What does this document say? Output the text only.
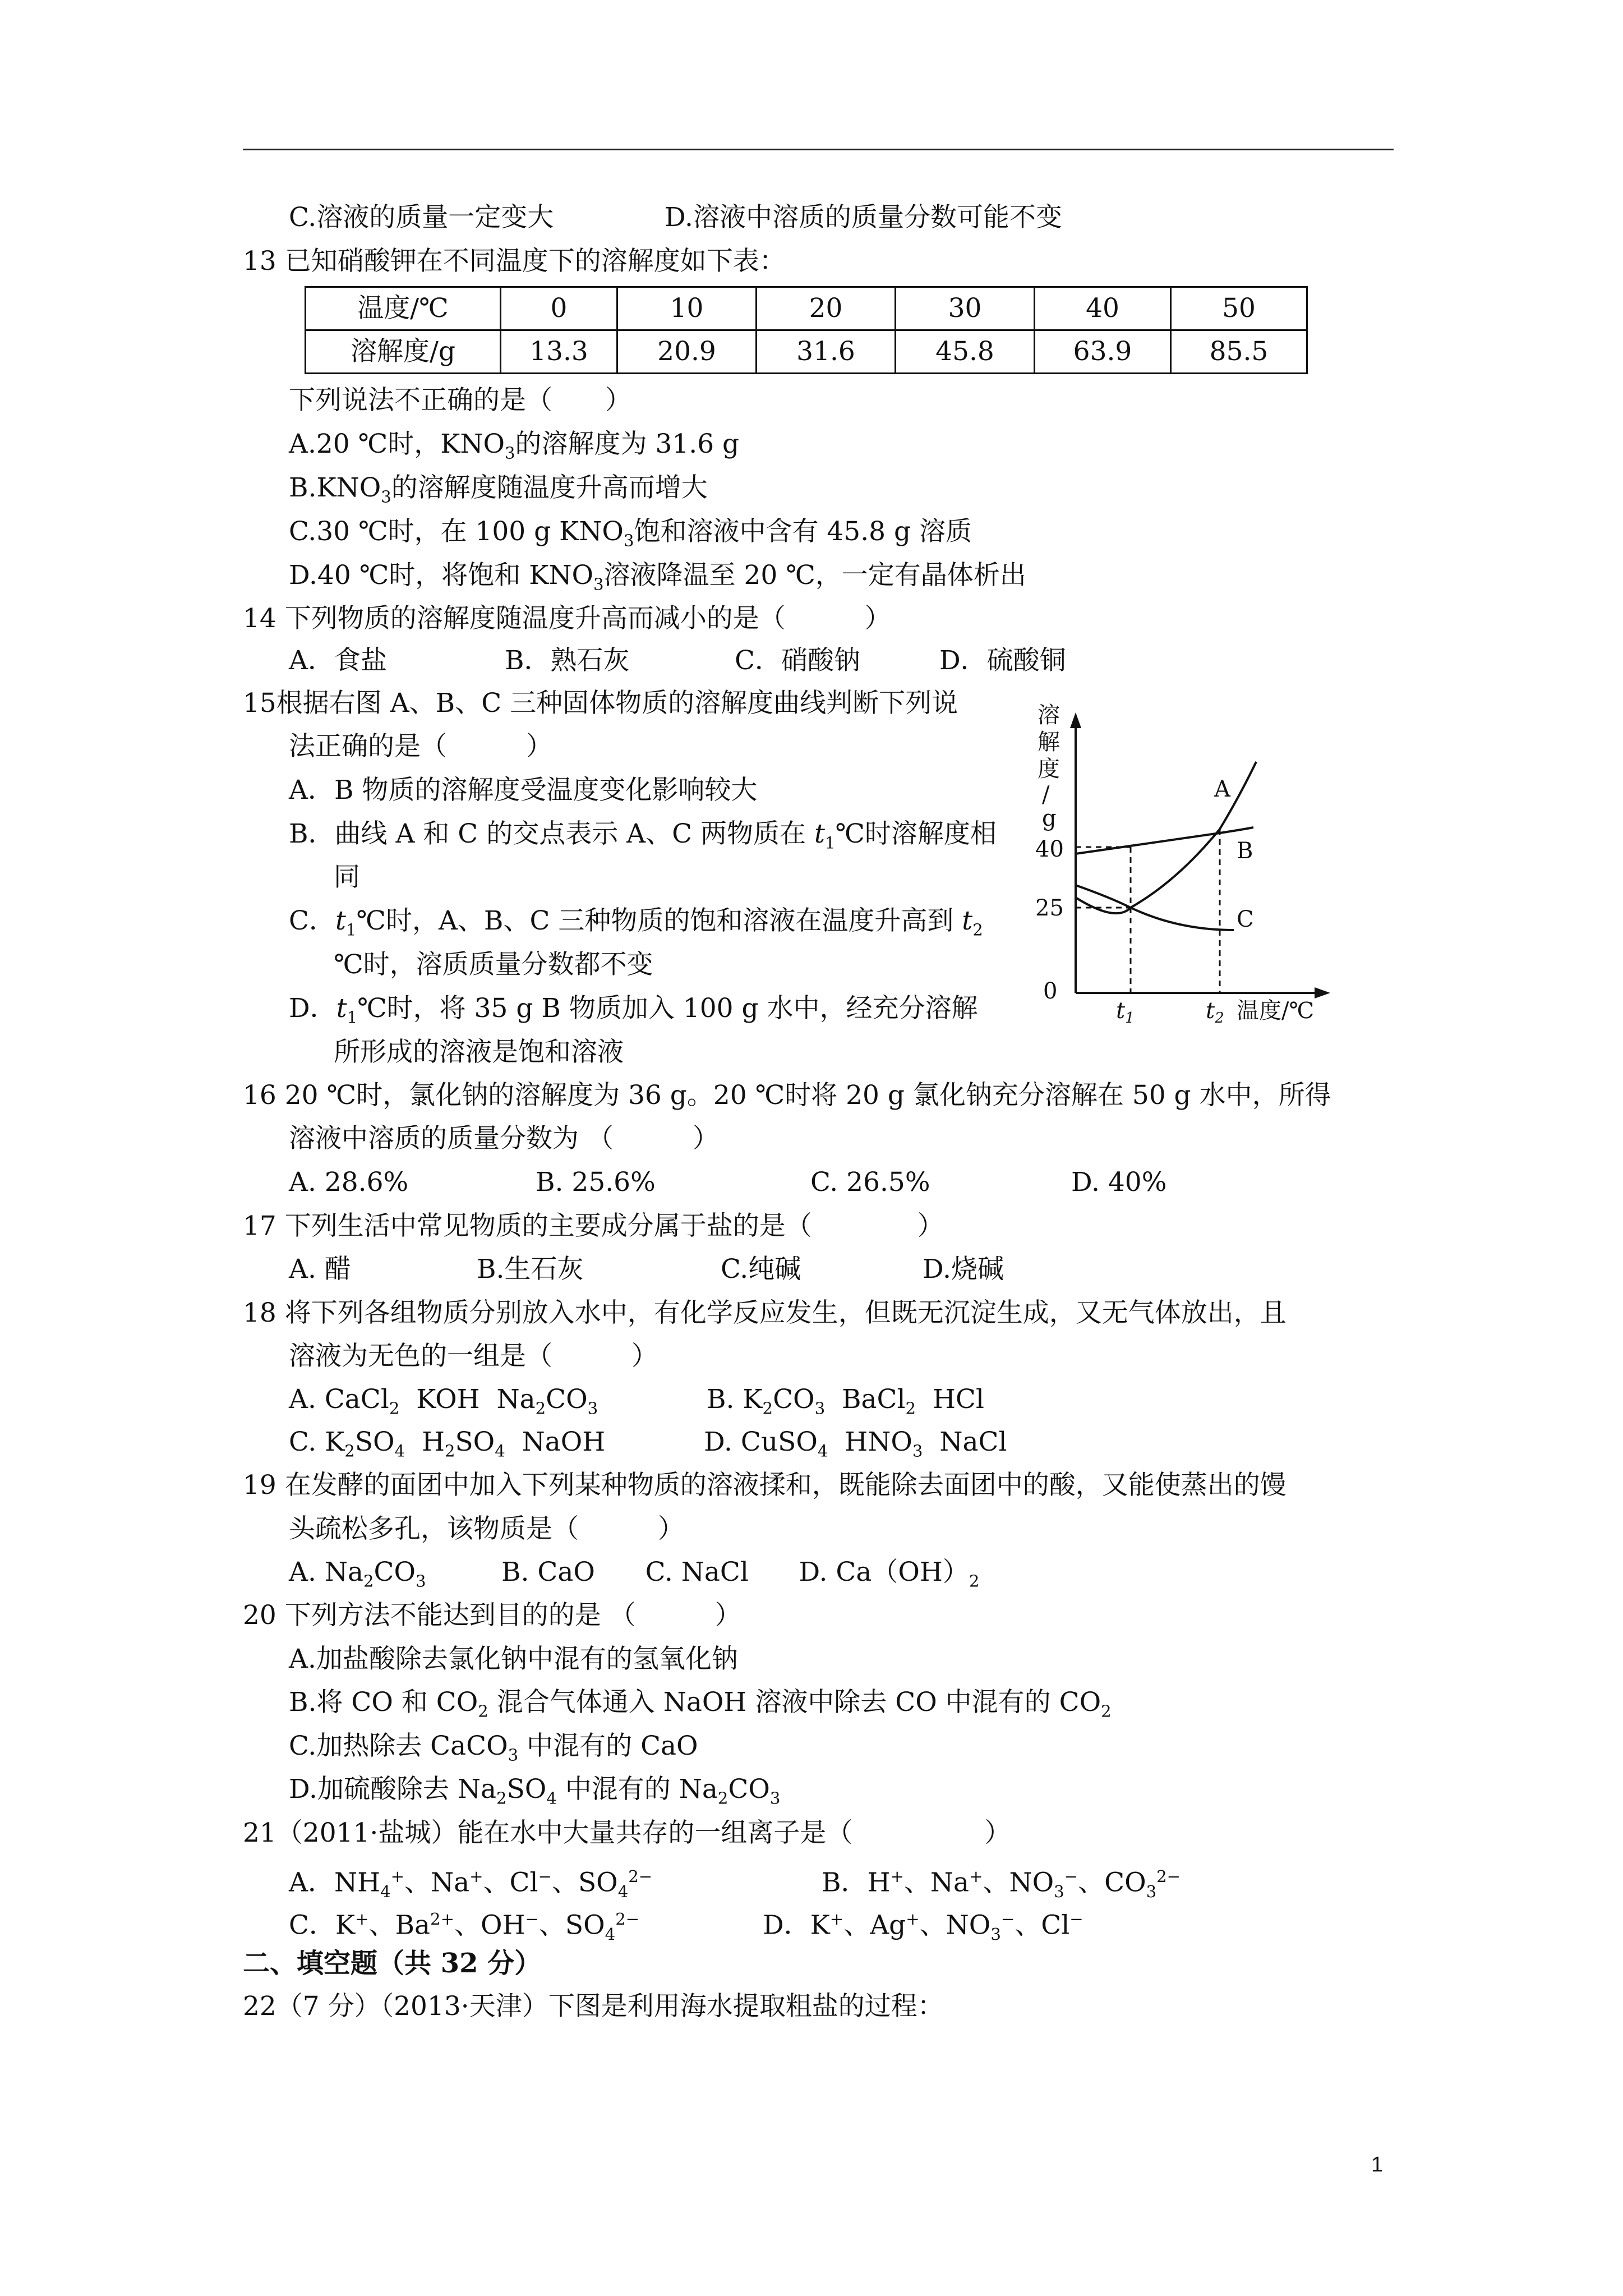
C.溶液的质量一定变大	D.溶液中溶质的质量分数可能不变
13 已知硝酸钾在不同温度下的溶解度如下表：
温度/℃	0	10	20	30	40	50
溶解度/g	13.3	20.9	31.6	45.8	63.9	85.5
下列说法不正确的是（　　）
A.20 ℃时，$KNO_3$的溶解度为 31.6 g
$B.KNO_3$的溶解度随温度升高而增大
C.30 ℃时，在 100 g $KNO_3$饱和溶液中含有 45.8 g 溶质
D.40 ℃时，将饱和 $KNO_3$溶液降温至 20 ℃，一定有晶体析出
14 下列物质的溶解度随温度升高而减小的是（　　　）
A．食盐	B．熟石灰	C．硝酸钠	D．硫酸铜
15根据右图 A、B、C 三种固体物质的溶解度曲线判断下列说
法正确的是（　　　）
A．B 物质的溶解度受温度变化影响较大
B．曲线 A 和 C 的交点表示 A、C 两物质在 $t_1℃$时溶解度相
同
C．$t_1℃$时，A、B、C 三种物质的饱和溶液在温度升高到 $t_2$
℃时，溶质质量分数都不变
D．$t_1℃$时，将 35 g B 物质加入 100 g 水中，经充分溶解
所形成的溶液是饱和溶液
溶
解
度
/
g
40
25
0
$t_1$	$t_2$ 温度/℃
A
B
C
16 20 ℃时，氯化钠的溶解度为 36 g。20 ℃时将 20 g 氯化钠充分溶解在 50 g 水中，所得
溶液中溶质的质量分数为 （　　　）
A. 28.6%	B. 25.6%	C. 26.5%	D. 40%
17 下列生活中常见物质的主要成分属于盐的是（　　　　）
A. 醋	B.生石灰	C.纯碱	D.烧碱
18 将下列各组物质分别放入水中，有化学反应发生，但既无沉淀生成，又无气体放出，且
溶液为无色的一组是（　　　）
A. CaCl$_2$  KOH  $Na_2CO_3$	B. $K_2CO_3$  BaCl$_2$  HCl
C. $K_2SO_4$  $H_2SO_4$  NaOH	D. CuSO$_4$  $HNO_3$  NaCl
19 在发酵的面团中加入下列某种物质的溶液揉和，既能除去面团中的酸，又能使蒸出的馒
头疏松多孔，该物质是（　　　）
A. $Na_2CO_3$         B. CaO      C. NaCl      D. $Ca(OH)_2$
20 下列方法不能达到目的的是 （　　　）
A.加盐酸除去氯化钠中混有的氢氧化钠
B.将 CO 和 $CO_2$ 混合气体通入 NaOH 溶液中除去 CO 中混有的 $CO_2$
C.加热除去 CaCO$_3$ 中混有的 CaO
D.加硫酸除去 $Na_2SO_4$ 中混有的 $Na_2CO_3$
21（2011·盐城）能在水中大量共存的一组离子是（　　　　　）
A．$NH_4^+$、Na+、Cl−、$SO_4^{2-}$	B．H+、Na+、$NO_3^-$、$CO_3^{2-}$
C．K+、$Ba^{2+}$、OH−、$SO_4^{2-}$	D．K+、Ag+、$NO_3^-$、Cl−
二、填空题（共 32 分）
22（7 分）（2013·天津）下图是利用海水提取粗盐的过程：
1
